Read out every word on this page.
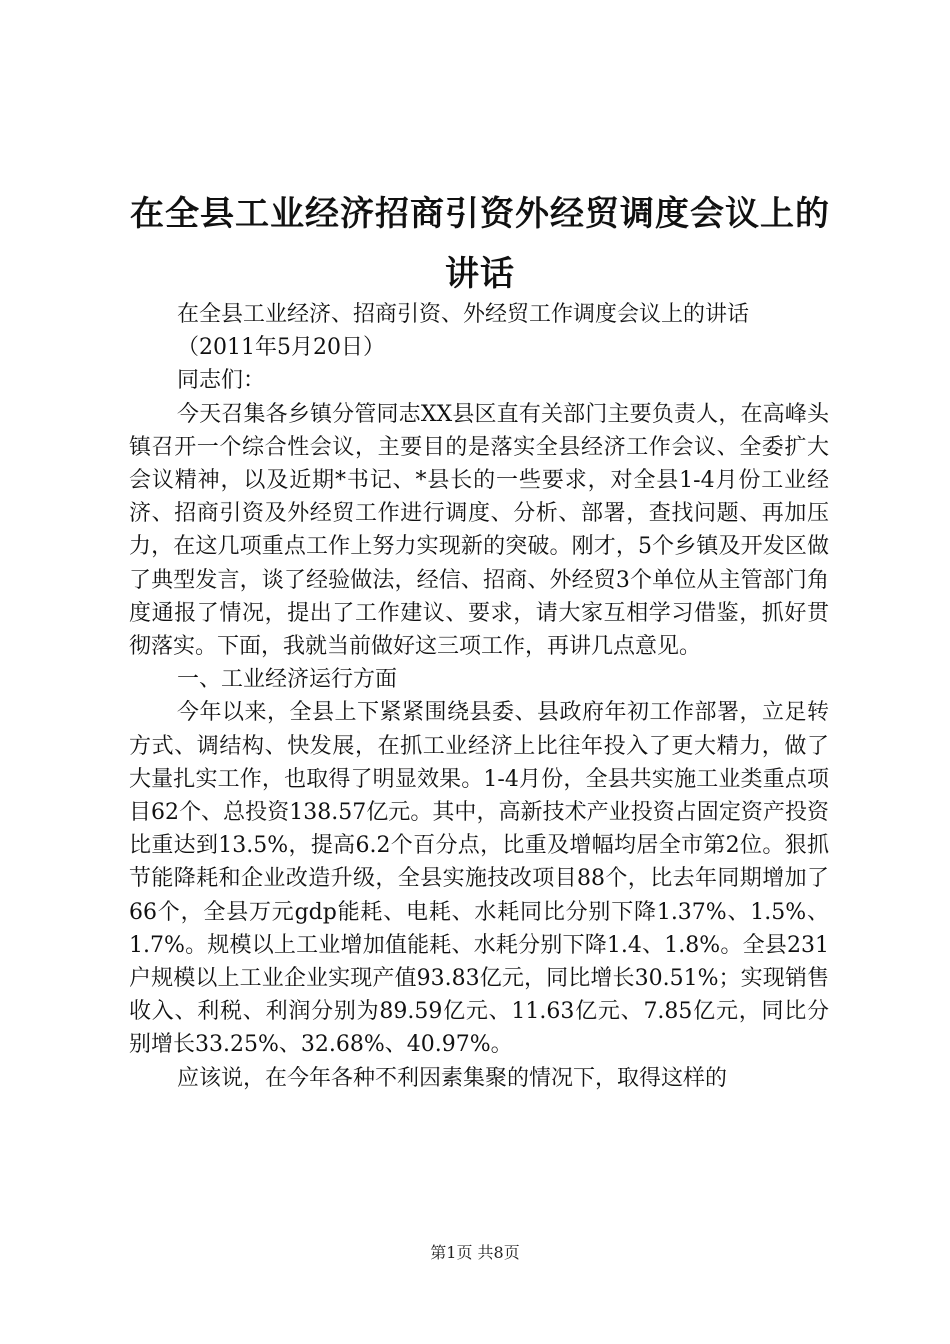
在全县工业经济招商引资外经贸调度会议上的讲话

在全县工业经济、招商引资、外经贸工作调度会议上的讲话

（2011年5月20日）

同志们：

今天召集各乡镇分管同志XX县区直有关部门主要负责人，在高峰头镇召开一个综合性会议，主要目的是落实全县经济工作会议、全委扩大会议精神，以及近期*书记、*县长的一些要求，对全县1-4月份工业经济、招商引资及外经贸工作进行调度、分析、部署，查找问题、再加压力，在这几项重点工作上努力实现新的突破。刚才，5个乡镇及开发区做了典型发言，谈了经验做法，经信、招商、外经贸3个单位从主管部门角度通报了情况，提出了工作建议、要求，请大家互相学习借鉴，抓好贯彻落实。下面，我就当前做好这三项工作，再讲几点意见。

一、工业经济运行方面

今年以来，全县上下紧紧围绕县委、县政府年初工作部署，立足转方式、调结构、快发展，在抓工业经济上比往年投入了更大精力，做了大量扎实工作，也取得了明显效果。1-4月份，全县共实施工业类重点项目62个、总投资138.57亿元。其中，高新技术产业投资占固定资产投资比重达到13.5%，提高6.2个百分点，比重及增幅均居全市第2位。狠抓节能降耗和企业改造升级，全县实施技改项目88个，比去年同期增加了66个，全县万元gdp能耗、电耗、水耗同比分别下降1.37%、1.5%、1.7%。规模以上工业增加值能耗、水耗分别下降1.4、1.8%。全县231户规模以上工业企业实现产值93.83亿元，同比增长30.51%；实现销售收入、利税、利润分别为89.59亿元、11.63亿元、7.85亿元，同比分别增长33.25%、32.68%、40.97%。

应该说，在今年各种不利因素集聚的情况下，取得这样的

第1页 共8页
